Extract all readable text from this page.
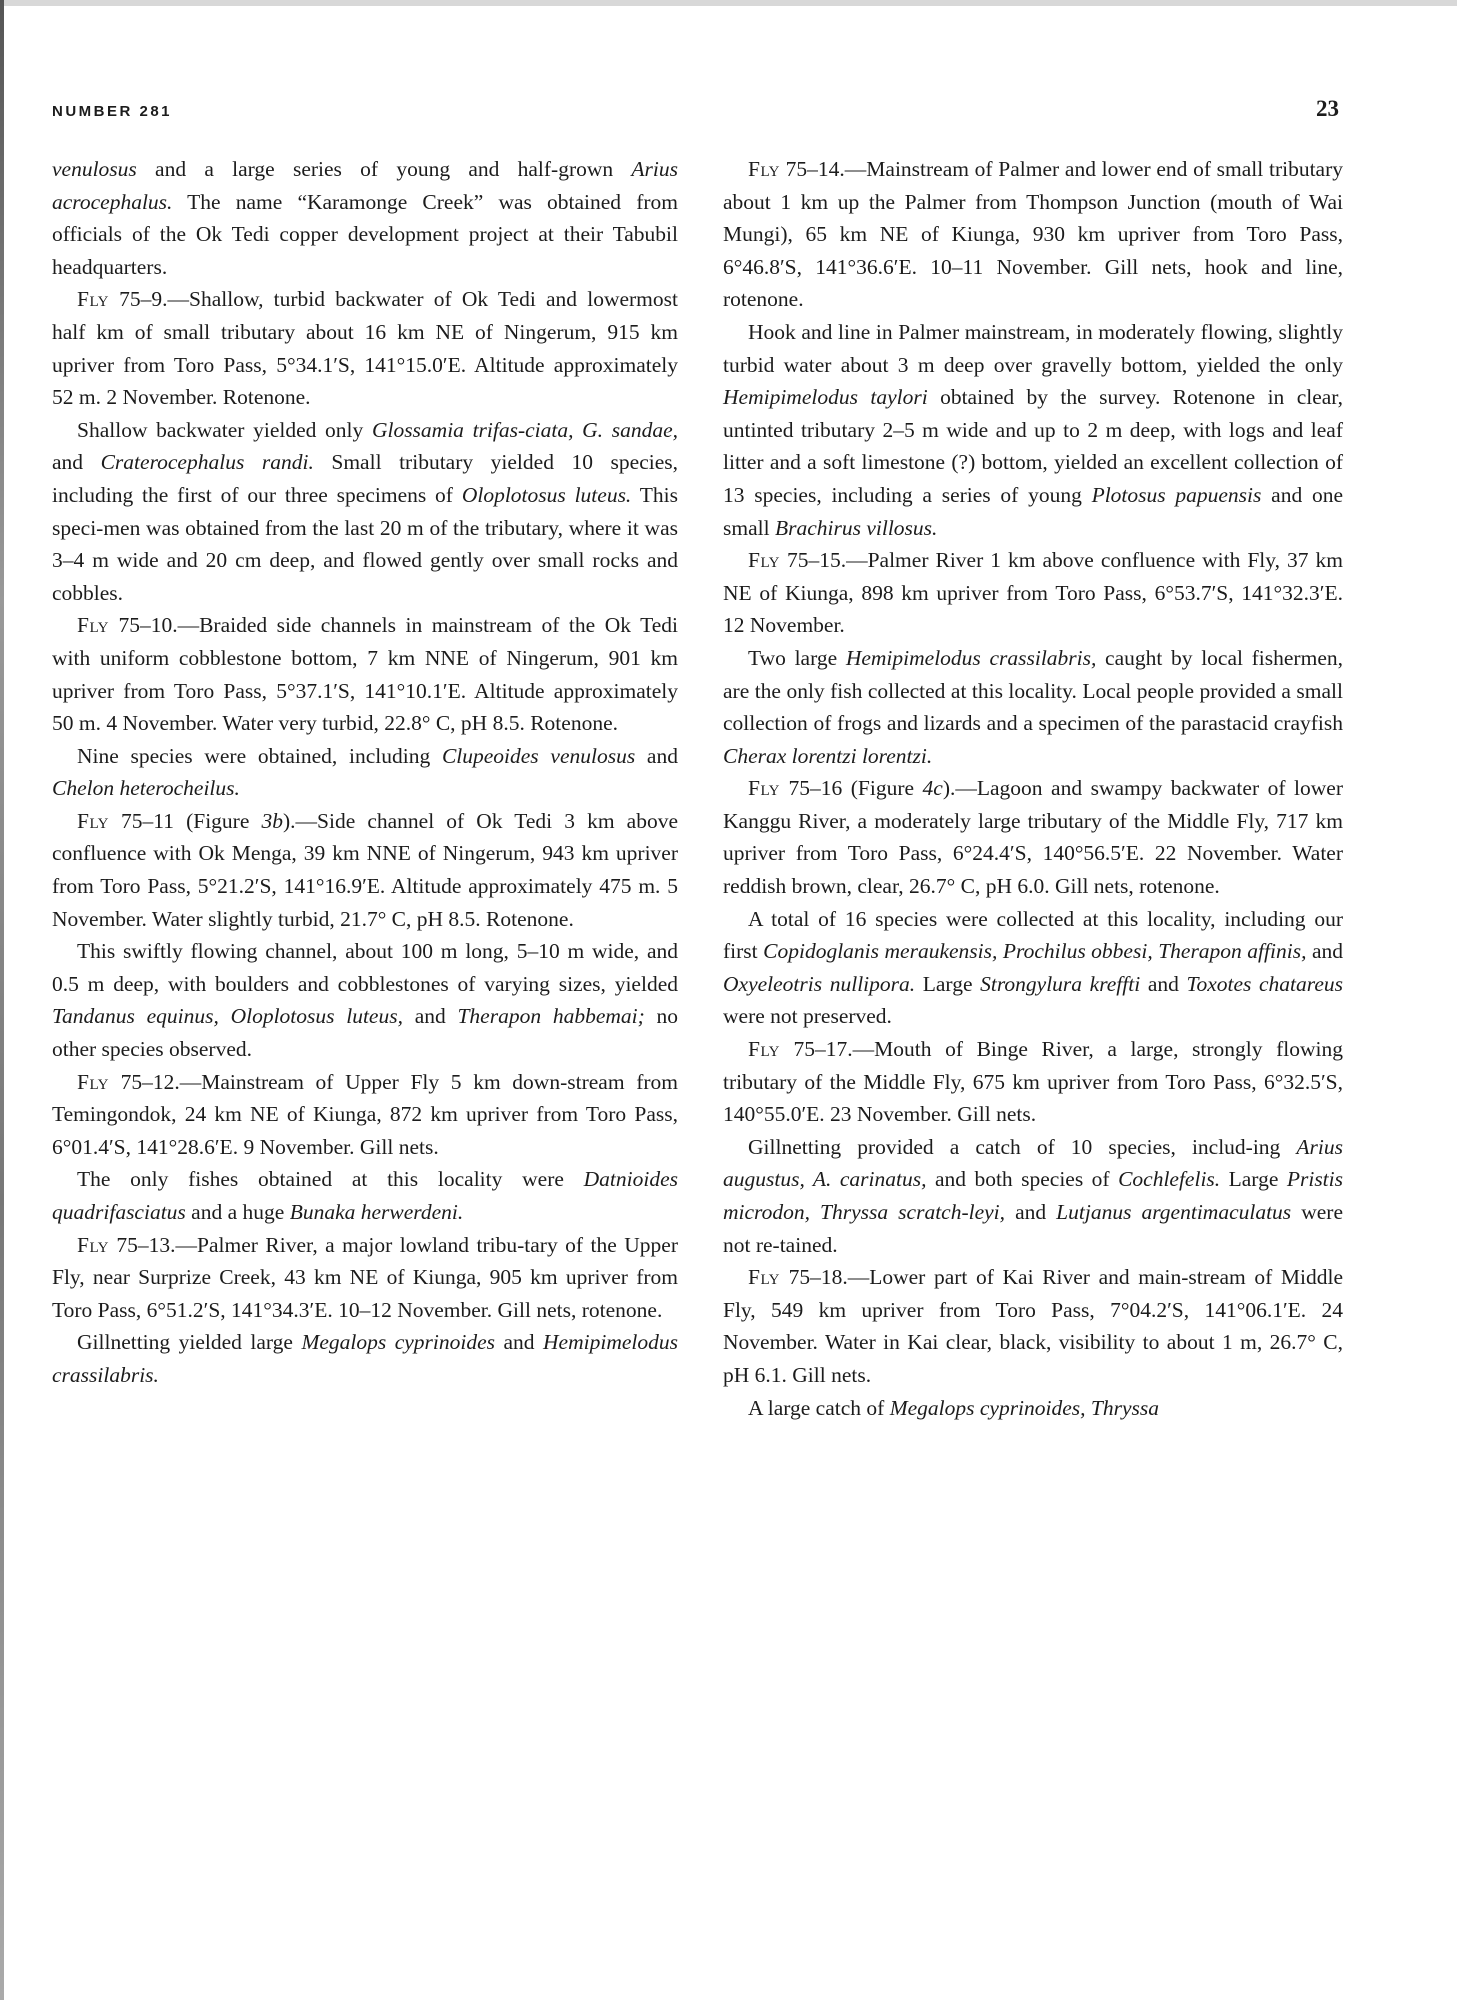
NUMBER 281	23

venulosus and a large series of young and half-grown Arius acrocephalus. The name “Karamonge Creek” was obtained from officials of the Ok Tedi copper development project at their Tabubil headquarters.

Fly 75–9.—Shallow, turbid backwater of Ok Tedi and lowermost half km of small tributary about 16 km NE of Ningerum, 915 km upriver from Toro Pass, 5°34.1′S, 141°15.0′E. Altitude approximately 52 m. 2 November. Rotenone.

Shallow backwater yielded only Glossamia trifas-ciata, G. sandae, and Craterocephalus randi. Small tributary yielded 10 species, including the first of our three specimens of Oloplotosus luteus. This speci-men was obtained from the last 20 m of the tributary, where it was 3–4 m wide and 20 cm deep, and flowed gently over small rocks and cobbles.

Fly 75–10.—Braided side channels in mainstream of the Ok Tedi with uniform cobblestone bottom, 7 km NNE of Ningerum, 901 km upriver from Toro Pass, 5°37.1′S, 141°10.1′E. Altitude approximately 50 m. 4 November. Water very turbid, 22.8° C, pH 8.5. Rotenone.

Nine species were obtained, including Clupeoides venulosus and Chelon heterocheilus.

Fly 75–11 (Figure 3b).—Side channel of Ok Tedi 3 km above confluence with Ok Menga, 39 km NNE of Ningerum, 943 km upriver from Toro Pass, 5°21.2′S, 141°16.9′E. Altitude approximately 475 m. 5 November. Water slightly turbid, 21.7° C, pH 8.5. Rotenone.

This swiftly flowing channel, about 100 m long, 5–10 m wide, and 0.5 m deep, with boulders and cobblestones of varying sizes, yielded Tandanus equinus, Oloplotosus luteus, and Therapon habbemai; no other species observed.

Fly 75–12.—Mainstream of Upper Fly 5 km down-stream from Temingondok, 24 km NE of Kiunga, 872 km upriver from Toro Pass, 6°01.4′S, 141°28.6′E. 9 November. Gill nets.

The only fishes obtained at this locality were Datnioides quadrifasciatus and a huge Bunaka herwerdeni.

Fly 75–13.—Palmer River, a major lowland tribu-tary of the Upper Fly, near Surprize Creek, 43 km NE of Kiunga, 905 km upriver from Toro Pass, 6°51.2′S, 141°34.3′E. 10–12 November. Gill nets, rotenone.

Gillnetting yielded large Megalops cyprinoides and Hemipimelodus crassilabris.

Fly 75–14.—Mainstream of Palmer and lower end of small tributary about 1 km up the Palmer from Thompson Junction (mouth of Wai Mungi), 65 km NE of Kiunga, 930 km upriver from Toro Pass, 6°46.8′S, 141°36.6′E. 10–11 November. Gill nets, hook and line, rotenone.

Hook and line in Palmer mainstream, in moderately flowing, slightly turbid water about 3 m deep over gravelly bottom, yielded the only Hemipimelodus taylori obtained by the survey. Rotenone in clear, untinted tributary 2–5 m wide and up to 2 m deep, with logs and leaf litter and a soft limestone (?) bottom, yielded an excellent collection of 13 species, including a series of young Plotosus papuensis and one small Brachirus villosus.

Fly 75–15.—Palmer River 1 km above confluence with Fly, 37 km NE of Kiunga, 898 km upriver from Toro Pass, 6°53.7′S, 141°32.3′E. 12 November.

Two large Hemipimelodus crassilabris, caught by local fishermen, are the only fish collected at this locality. Local people provided a small collection of frogs and lizards and a specimen of the parastacid crayfish Cherax lorentzi lorentzi.

Fly 75–16 (Figure 4c).—Lagoon and swampy backwater of lower Kanggu River, a moderately large tributary of the Middle Fly, 717 km upriver from Toro Pass, 6°24.4′S, 140°56.5′E. 22 November. Water reddish brown, clear, 26.7° C, pH 6.0. Gill nets, rotenone.

A total of 16 species were collected at this locality, including our first Copidoglanis meraukensis, Prochilus obbesi, Therapon affinis, and Oxyeleotris nullipora. Large Strongylura kreffti and Toxotes chatareus were not preserved.

Fly 75–17.—Mouth of Binge River, a large, strongly flowing tributary of the Middle Fly, 675 km upriver from Toro Pass, 6°32.5′S, 140°55.0′E. 23 November. Gill nets.

Gillnetting provided a catch of 10 species, includ-ing Arius augustus, A. carinatus, and both species of Cochlefelis. Large Pristis microdon, Thryssa scratch-leyi, and Lutjanus argentimaculatus were not re-tained.

Fly 75–18.—Lower part of Kai River and main-stream of Middle Fly, 549 km upriver from Toro Pass, 7°04.2′S, 141°06.1′E. 24 November. Water in Kai clear, black, visibility to about 1 m, 26.7° C, pH 6.1. Gill nets.

A large catch of Megalops cyprinoides, Thryssa
